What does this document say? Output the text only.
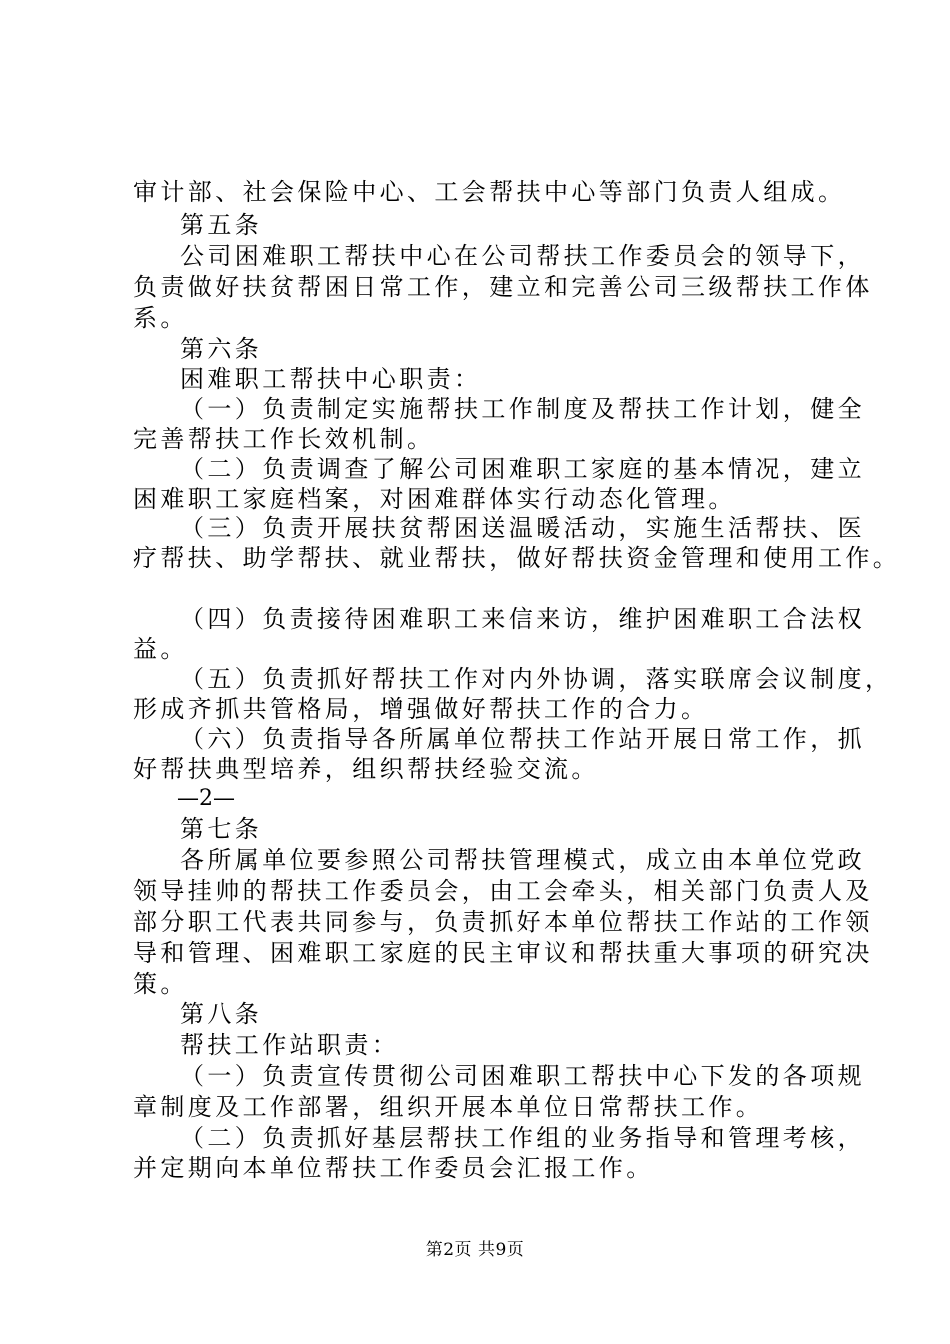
审计部、社会保险中心、工会帮扶中心等部门负责人组成。
第五条
公司困难职工帮扶中心在公司帮扶工作委员会的领导下，
负责做好扶贫帮困日常工作，建立和完善公司三级帮扶工作体
系。
第六条
困难职工帮扶中心职责：
（一）负责制定实施帮扶工作制度及帮扶工作计划，健全
完善帮扶工作长效机制。
（二）负责调查了解公司困难职工家庭的基本情况，建立
困难职工家庭档案，对困难群体实行动态化管理。
（三）负责开展扶贫帮困送温暖活动，实施生活帮扶、医
疗帮扶、助学帮扶、就业帮扶，做好帮扶资金管理和使用工作。
（四）负责接待困难职工来信来访，维护困难职工合法权
益。
（五）负责抓好帮扶工作对内外协调，落实联席会议制度，
形成齐抓共管格局，增强做好帮扶工作的合力。
（六）负责指导各所属单位帮扶工作站开展日常工作，抓
好帮扶典型培养，组织帮扶经验交流。
—2—
第七条
各所属单位要参照公司帮扶管理模式，成立由本单位党政
领导挂帅的帮扶工作委员会，由工会牵头，相关部门负责人及
部分职工代表共同参与，负责抓好本单位帮扶工作站的工作领
导和管理、困难职工家庭的民主审议和帮扶重大事项的研究决
策。
第八条
帮扶工作站职责：
（一）负责宣传贯彻公司困难职工帮扶中心下发的各项规
章制度及工作部署，组织开展本单位日常帮扶工作。
（二）负责抓好基层帮扶工作组的业务指导和管理考核，
并定期向本单位帮扶工作委员会汇报工作。
第2页 共9页
